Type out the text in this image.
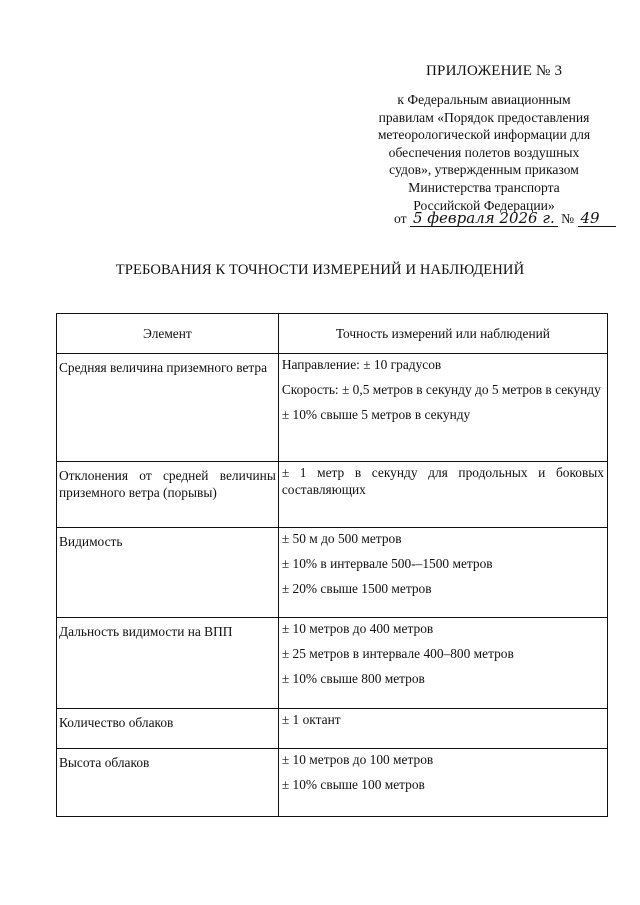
ПРИЛОЖЕНИЕ № 3
к Федеральным авиационным
правилам «Порядок предоставления
метеорологической информации для
обеспечения полетов воздушных
судов», утвержденным приказом
Министерства транспорта
Российской Федерации»
от 5 февраля 2026 г. № 49
ТРЕБОВАНИЯ К ТОЧНОСТИ ИЗМЕРЕНИЙ И НАБЛЮДЕНИЙ
Элемент	Точность измерений или наблюдений

Средняя величина приземного ветра	Направление: ± 10 градусов
Скорость: ± 0,5 метров в секунду до 5 метров в секунду
± 10% свыше 5 метров в секунду

Отклонения от средней величины приземного ветра (порывы)	± 1 метр в секунду для продольных и боковых составляющих

Видимость	± 50 м до 500 метров
± 10% в интервале 500-–1500 метров
± 20% свыше 1500 метров

Дальность видимости на ВПП	± 10 метров до 400 метров
± 25 метров в интервале 400–800 метров
± 10% свыше 800 метров

Количество облаков	± 1 октант

Высота облаков	± 10 метров до 100 метров
± 10% свыше 100 метров
